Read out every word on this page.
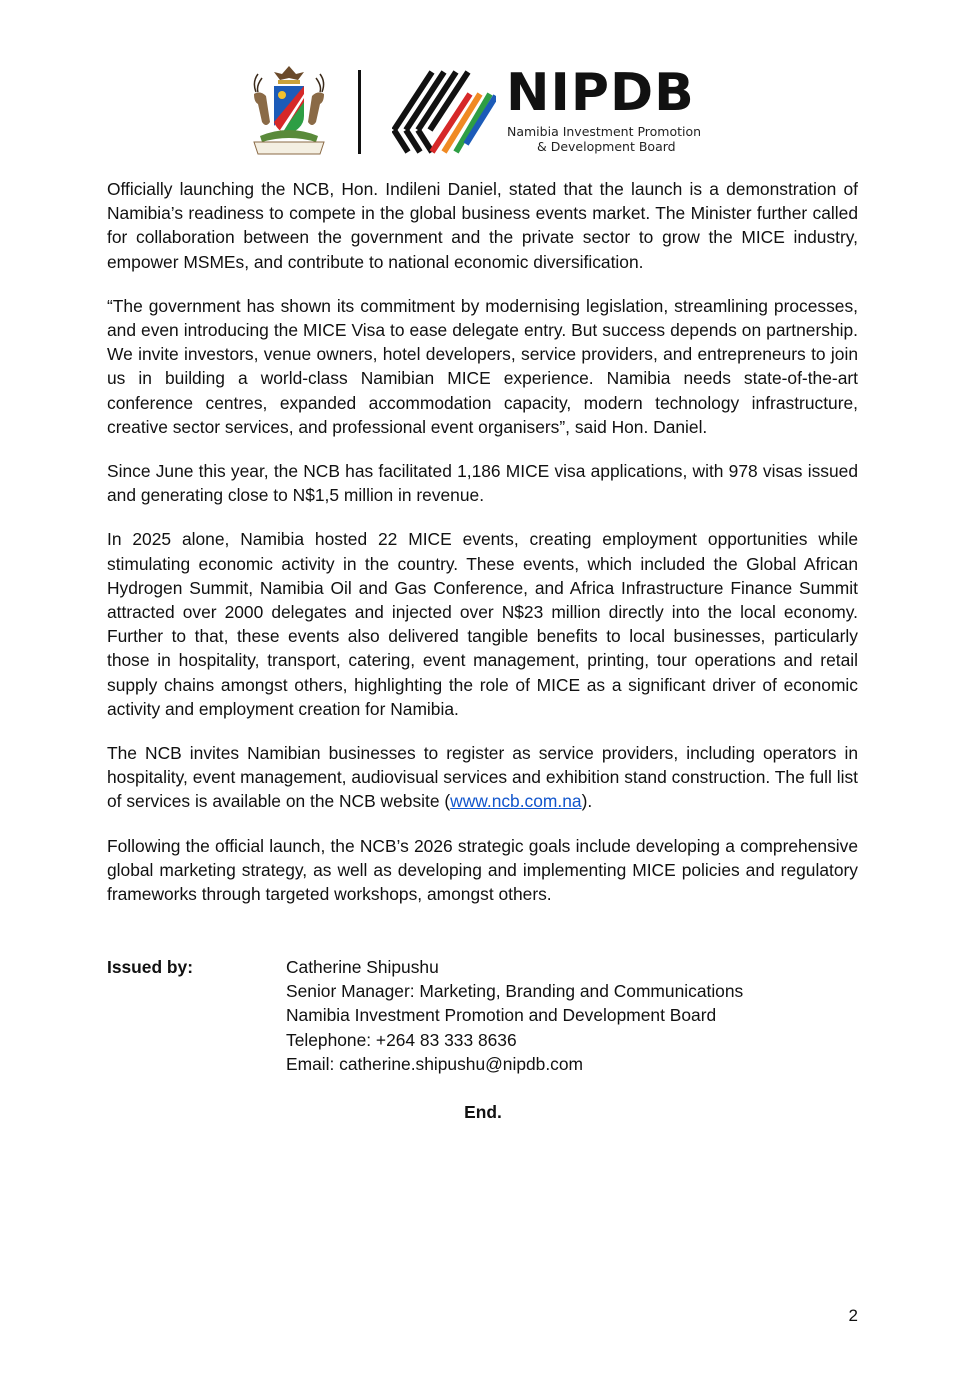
NIPDB
Namibia Investment Promotion
& Development Board

Officially launching the NCB, Hon. Indileni Daniel, stated that the launch is a demonstration of Namibia’s readiness to compete in the global business events market. The Minister further called for collaboration between the government and the private sector to grow the MICE industry, empower MSMEs, and contribute to national economic diversification.

“The government has shown its commitment by modernising legislation, streamlining processes, and even introducing the MICE Visa to ease delegate entry. But success depends on partnership. We invite investors, venue owners, hotel developers, service providers, and entrepreneurs to join us in building a world-class Namibian MICE experience. Namibia needs state-of-the-art conference centres, expanded accommodation capacity, modern technology infrastructure, creative sector services, and professional event organisers”, said Hon. Daniel.

Since June this year, the NCB has facilitated 1,186 MICE visa applications, with 978 visas issued and generating close to N$1,5 million in revenue.

In 2025 alone, Namibia hosted 22 MICE events, creating employment opportunities while stimulating economic activity in the country. These events, which included the Global African Hydrogen Summit, Namibia Oil and Gas Conference, and Africa Infrastructure Finance Summit attracted over 2000 delegates and injected over N$23 million directly into the local economy. Further to that, these events also delivered tangible benefits to local businesses, particularly those in hospitality, transport, catering, event management, printing, tour operations and retail supply chains amongst others, highlighting the role of MICE as a significant driver of economic activity and employment creation for Namibia.

The NCB invites Namibian businesses to register as service providers, including operators in hospitality, event management, audiovisual services and exhibition stand construction. The full list of services is available on the NCB website (www.ncb.com.na).

Following the official launch, the NCB’s 2026 strategic goals include developing a comprehensive global marketing strategy, as well as developing and implementing MICE policies and regulatory frameworks through targeted workshops, amongst others.

Issued by:	Catherine Shipushu
Senior Manager: Marketing, Branding and Communications
Namibia Investment Promotion and Development Board
Telephone: +264 83 333 8636
Email: catherine.shipushu@nipdb.com
End.
2
